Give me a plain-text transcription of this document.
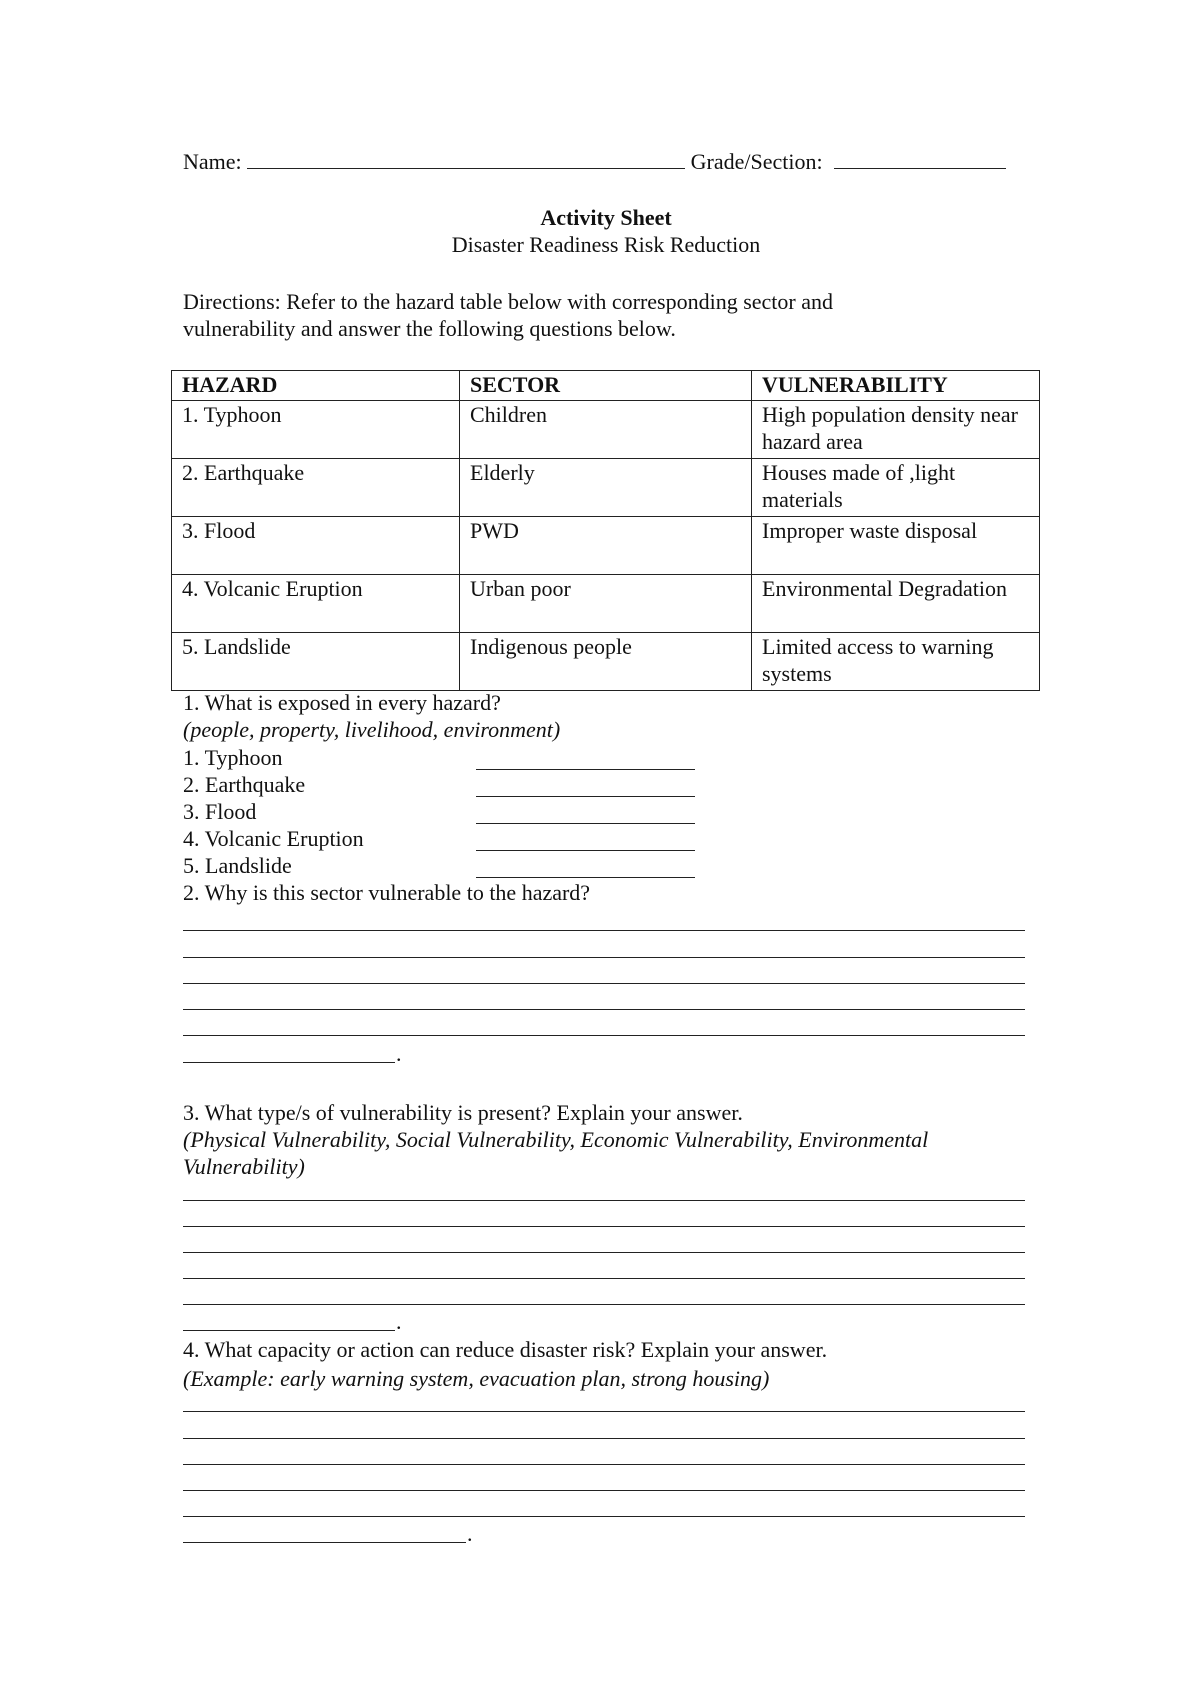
Name:	Grade/Section:
Activity Sheet
Disaster Readiness Risk Reduction
Directions: Refer to the hazard table below with corresponding sector and
vulnerability and answer the following questions below.
HAZARD	SECTOR	VULNERABILITY
1. Typhoon	Children	High population density near hazard area
2. Earthquake	Elderly	Houses made of ,light materials
3. Flood	PWD	Improper waste disposal
4. Volcanic Eruption	Urban poor	Environmental Degradation
5. Landslide	Indigenous people	Limited access to warning systems
1. What is exposed in every hazard?
(people, property, livelihood, environment)
1. Typhoon
2. Earthquake
3. Flood
4. Volcanic Eruption
5. Landslide
2. Why is this sector vulnerable to the hazard?
.
3. What type/s of vulnerability is present? Explain your answer.
(Physical Vulnerability, Social Vulnerability, Economic Vulnerability, Environmental
Vulnerability)
.
4. What capacity or action can reduce disaster risk? Explain your answer.
(Example: early warning system, evacuation plan, strong housing)
.
